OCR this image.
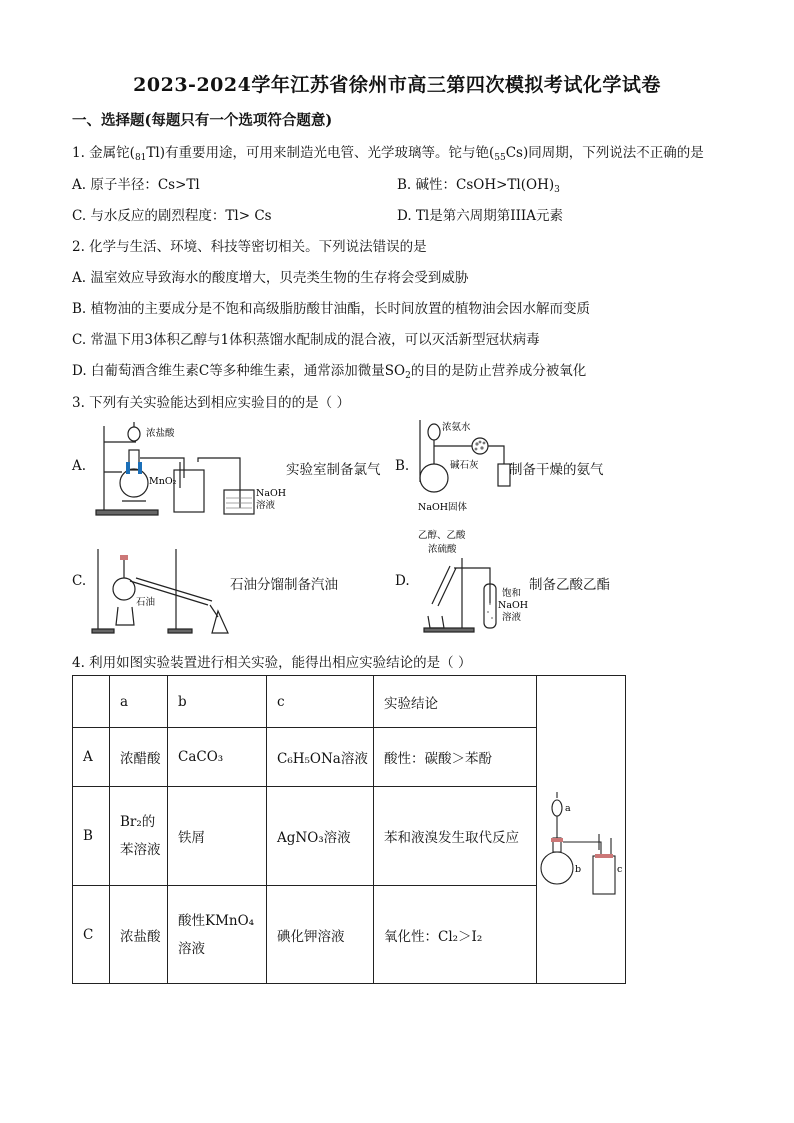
2023-2024学年江苏省徐州市高三第四次模拟考试化学试卷
一、选择题(每题只有一个选项符合题意)
1. 金属铊$(_{81}Tl)$有重要用途，可用来制造光电管、光学玻璃等。铊与铯$(_{55}Cs)$同周期，下列说法不正确的是
A. 原子半径：Cs>Tl	B. 碱性：$CsOH>Tl(OH)_3$
C. 与水反应的剧烈程度：Tl> Cs	D. Tl是第六周期第IIIA元素
2. 化学与生活、环境、科技等密切相关。下列说法错误的是
A. 温室效应导致海水的酸度增大，贝壳类生物的生存将会受到威胁
B. 植物油的主要成分是不饱和高级脂肪酸甘油酯，长时间放置的植物油会因水解而变质
C. 常温下用3体积乙醇与1体积蒸馏水配制成的混合液，可以灭活新型冠状病毒
D. 白葡萄酒含维生素C等多种维生素，通常添加微量$SO_2$的目的是防止营养成分被氧化
3. 下列有关实验能达到相应实验目的的是（ ）
A.
浓盐酸
MnO₂
NaOH
溶液
实验室制备氯气 B.
浓氨水
碱石灰
NaOH固体
制备干燥的氨气
C.
石油
石油分馏制备汽油	D.
乙醇、乙酸
浓硫酸
饱和
NaOH
溶液
制备乙酸乙酯
4. 利用如图实验装置进行相关实验，能得出相应实验结论的是（ ）
	a	b	c	实验结论	a
b c

A	浓醋酸	CaCO₃	C₆H₅ONa溶液	酸性：碳酸＞苯酚	
B	Br₂的
苯溶液	铁屑	AgNO₃溶液	苯和液溴发生取代反应	
C	浓盐酸	酸性KMnO₄
溶液	碘化钾溶液	氧化性：Cl₂＞I₂	
